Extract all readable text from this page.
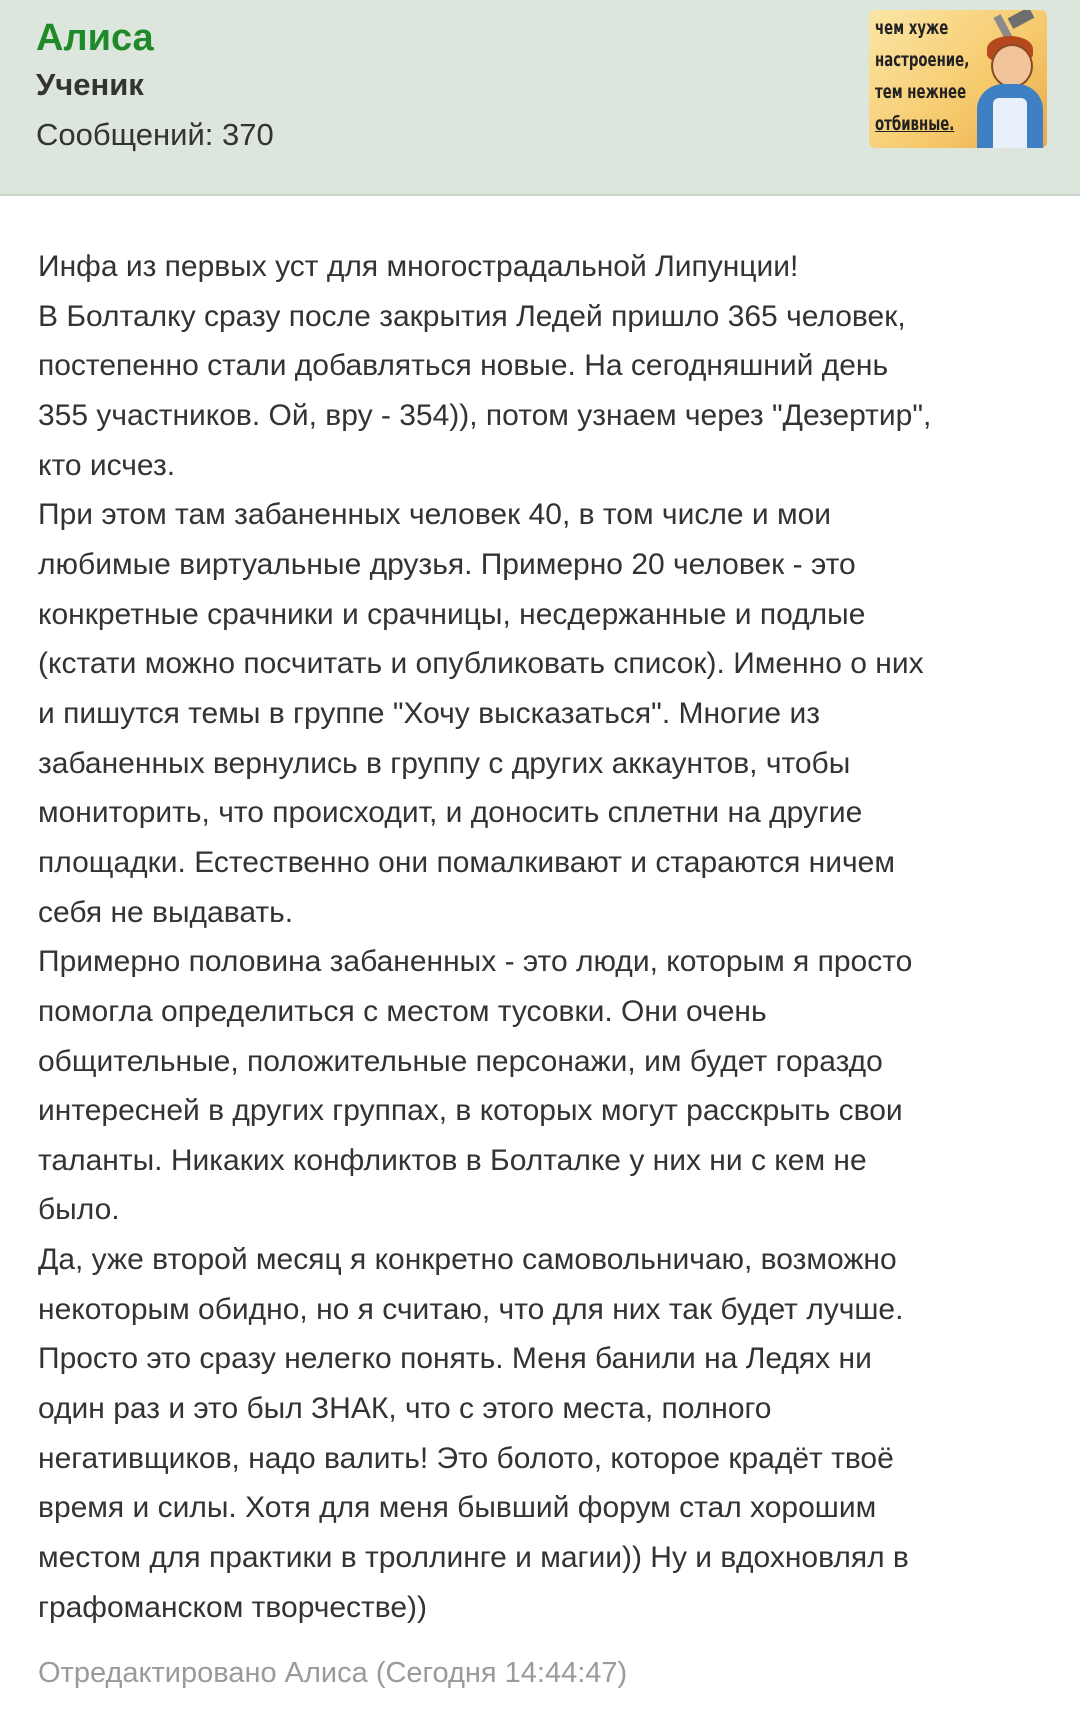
Алиса
Ученик
Сообщений: 370
чем хуже
настроение,
тем нежнее
отбивные.
Инфа из первых уст для многострадальной Липунции!
В Болталку сразу после закрытия Ледей пришло 365 человек,
постепенно стали добавляться новые. На сегодняшний день
355 участников. Ой, вру - 354)), потом узнаем через "Дезертир",
кто исчез.
При этом там забаненных человек 40, в том числе и мои
любимые виртуальные друзья. Примерно 20 человек - это
конкретные срачники и срачницы, несдержанные и подлые
(кстати можно посчитать и опубликовать список). Именно о них
и пишутся темы в группе "Хочу высказаться". Многие из
забаненных вернулись в группу с других аккаунтов, чтобы
мониторить, что происходит, и доносить сплетни на другие
площадки. Естественно они помалкивают и стараются ничем
себя не выдавать.
Примерно половина забаненных - это люди, которым я просто
помогла определиться с местом тусовки. Они очень
общительные, положительные персонажи, им будет гораздо
интересней в других группах, в которых могут расскрыть свои
таланты. Никаких конфликтов в Болталке у них ни с кем не
было.
Да, уже второй месяц я конкретно самовольничаю, возможно
некоторым обидно, но я считаю, что для них так будет лучше.
Просто это сразу нелегко понять. Меня банили на Ледях ни
один раз и это был ЗНАК, что с этого места, полного
негативщиков, надо валить! Это болото, которое крадёт твоё
время и силы. Хотя для меня бывший форум стал хорошим
местом для практики в троллинге и магии)) Ну и вдохновлял в
графоманском творчестве))
Отредактировано Алиса (Сегодня 14:44:47)
